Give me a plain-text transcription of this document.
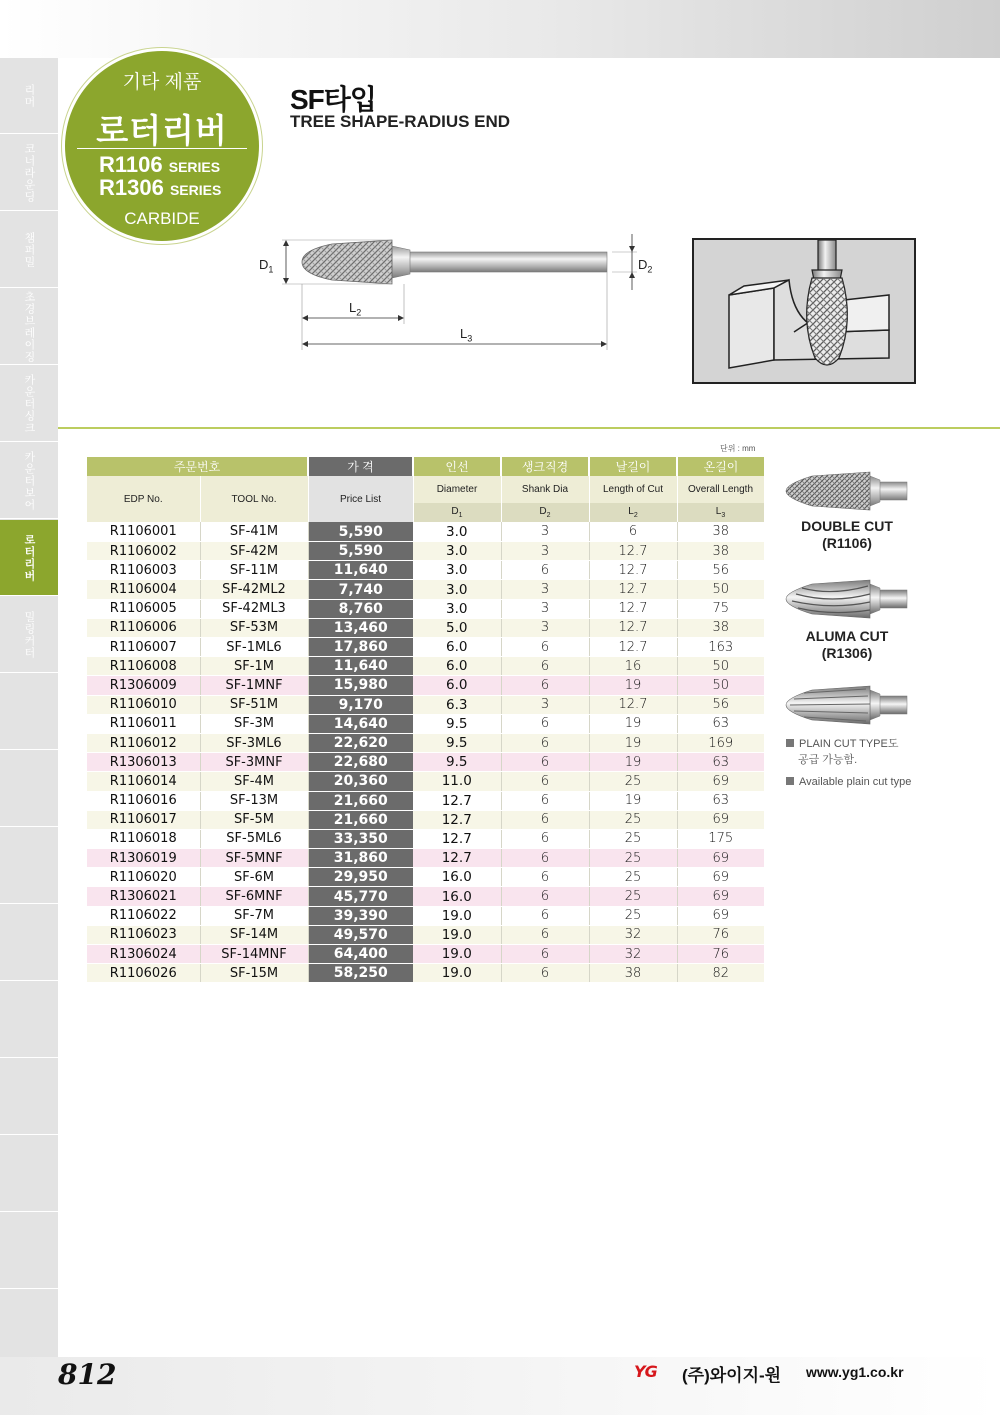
리머
코너라운딩
챔퍼밀
초경브레이징
카운터싱크
카운터보어
로터리버
밀링커터
기타 제품
로터리버
R1106 SERIES
R1306 SERIES
CARBIDE
SF타입
TREE SHAPE-RADIUS END
$D_1$	$D_2$
$L_2$
$L_3$
단위 : mm
주문번호		가 격	인선	생크직경	날길이	온길이
EDP No.	TOOL No.	Price List	Diameter	Shank Dia	Length of Cut	Overall Length
			$D_1$	$D_2$	$L_2$	$L_3$
R1106001	SF-41M	5,590	3.0	3	6	38
R1106002	SF-42M	5,590	3.0	3	12.7	38
R1106003	SF-11M	11,640	3.0	6	12.7	56
R1106004	SF-42ML2	7,740	3.0	3	12.7	50
R1106005	SF-42ML3	8,760	3.0	3	12.7	75
R1106006	SF-53M	13,460	5.0	3	12.7	38
R1106007	SF-1ML6	17,860	6.0	6	12.7	163
R1106008	SF-1M	11,640	6.0	6	16	50
R1306009	SF-1MNF	15,980	6.0	6	19	50
R1106010	SF-51M	9,170	6.3	3	12.7	56
R1106011	SF-3M	14,640	9.5	6	19	63
R1106012	SF-3ML6	22,620	9.5	6	19	169
R1306013	SF-3MNF	22,680	9.5	6	19	63
R1106014	SF-4M	20,360	11.0	6	25	69
R1106016	SF-13M	21,660	12.7	6	19	63
R1106017	SF-5M	21,660	12.7	6	25	69
R1106018	SF-5ML6	33,350	12.7	6	25	175
R1306019	SF-5MNF	31,860	12.7	6	25	69
R1106020	SF-6M	29,950	16.0	6	25	69
R1306021	SF-6MNF	45,770	16.0	6	25	69
R1106022	SF-7M	39,390	19.0	6	25	69
R1106023	SF-14M	49,570	19.0	6	32	76
R1306024	SF-14MNF	64,400	19.0	6	32	76
R1106026	SF-15M	58,250	19.0	6	38	82
DOUBLE CUT
(R1106)
ALUMA CUT
(R1306)
PLAIN CUT TYPE도
공급 가능함.
Available plain cut type
812	YG (주)와이지-원 www.yg1.co.kr
